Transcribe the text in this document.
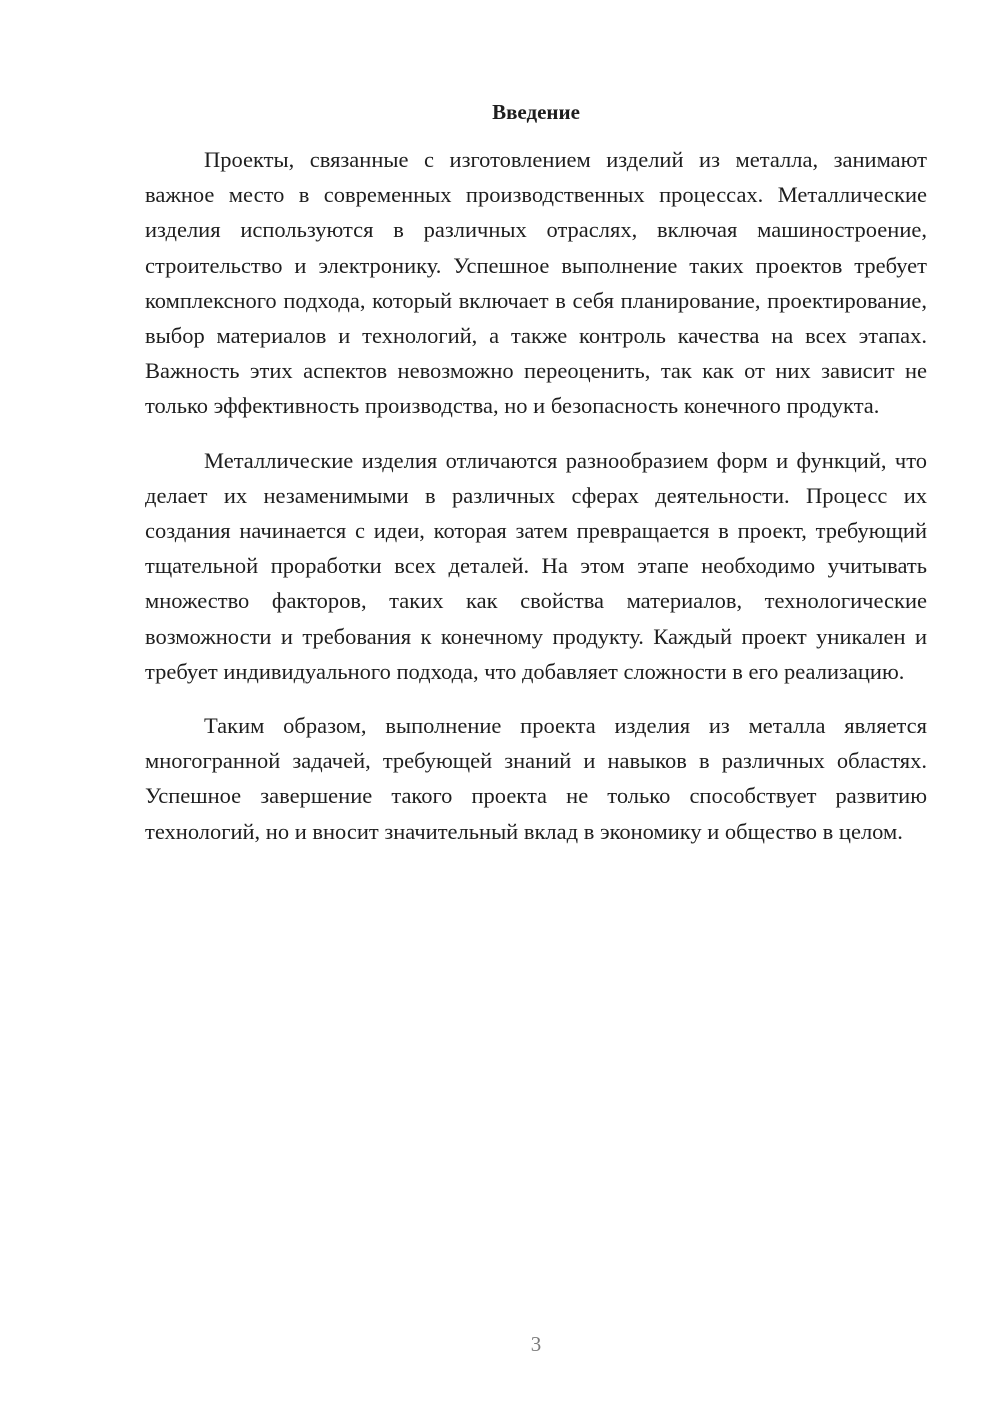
Введение

Проекты, связанные с изготовлением изделий из металла, занимают важное место в современных производственных процессах. Металлические изделия используются в различных отраслях, включая машиностроение, строительство и электронику. Успешное выполнение таких проектов требует комплексного подхода, который включает в себя планирование, проектирование, выбор материалов и технологий, а также контроль качества на всех этапах. Важность этих аспектов невозможно переоценить, так как от них зависит не только эффективность производства, но и безопасность конечного продукта.

Металлические изделия отличаются разнообразием форм и функций, что делает их незаменимыми в различных сферах деятельности. Процесс их создания начинается с идеи, которая затем превращается в проект, требующий тщательной проработки всех деталей. На этом этапе необходимо учитывать множество факторов, таких как свойства материалов, технологические возможности и требования к конечному продукту. Каждый проект уникален и требует индивидуального подхода, что добавляет сложности в его реализацию.

Таким образом, выполнение проекта изделия из металла является многогранной задачей, требующей знаний и навыков в различных областях. Успешное завершение такого проекта не только способствует развитию технологий, но и вносит значительный вклад в экономику и общество в целом.

3
